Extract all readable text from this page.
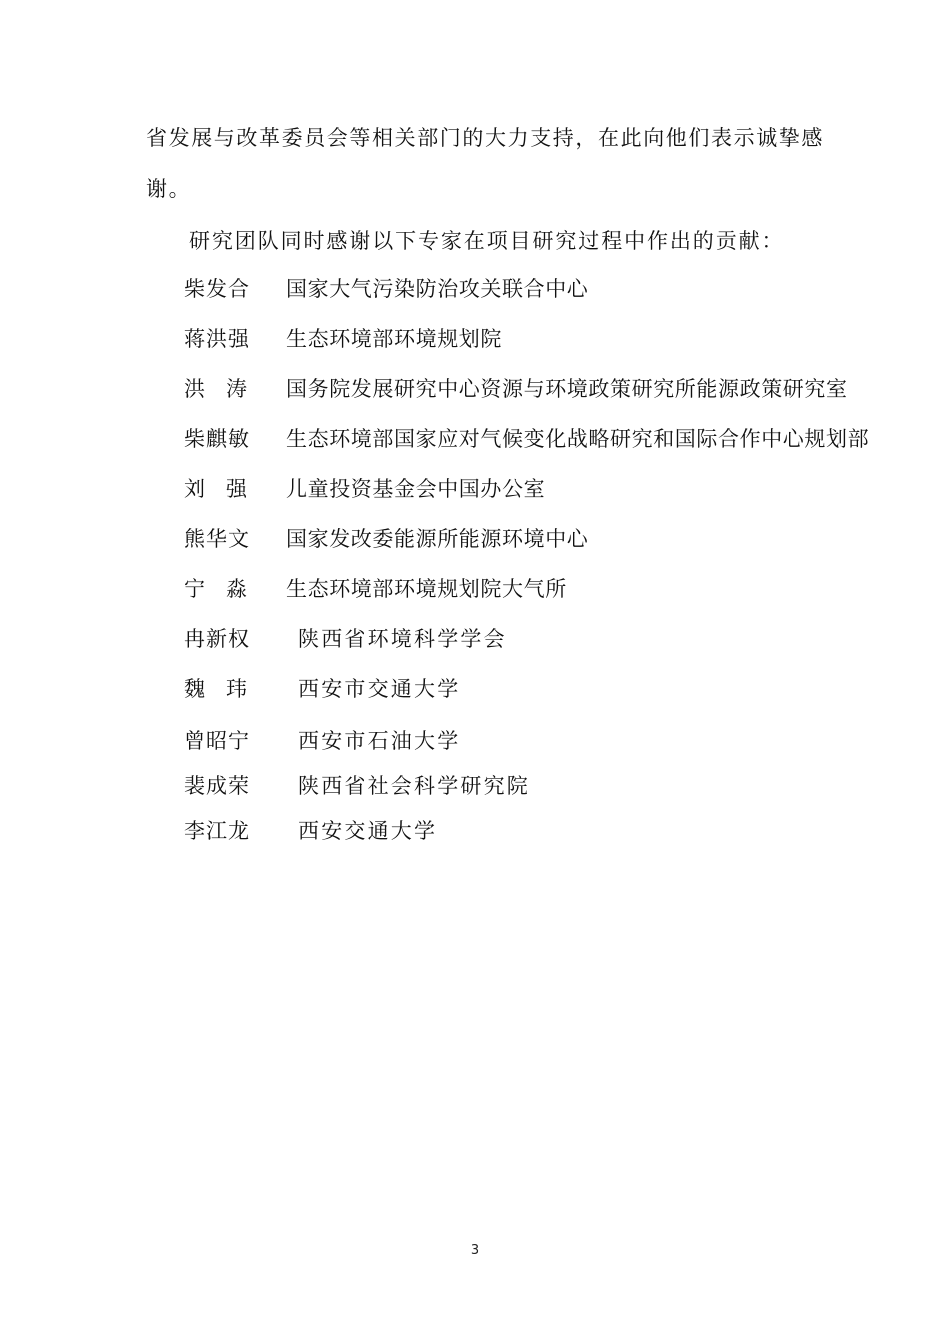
省发展与改革委员会等相关部门的大力支持，在此向他们表示诚挚感
谢。
研究团队同时感谢以下专家在项目研究过程中作出的贡献：
柴发合 国家大气污染防治攻关联合中心
蒋洪强 生态环境部环境规划院
洪 涛 国务院发展研究中心资源与环境政策研究所能源政策研究室
柴麒敏 生态环境部国家应对气候变化战略研究和国际合作中心规划部
刘 强 儿童投资基金会中国办公室
熊华文 国家发改委能源所能源环境中心
宁 淼 生态环境部环境规划院大气所
冉新权 陕西省环境科学学会
魏 玮 西安市交通大学
曾昭宁 西安市石油大学
裴成荣 陕西省社会科学研究院
李江龙 西安交通大学
3
